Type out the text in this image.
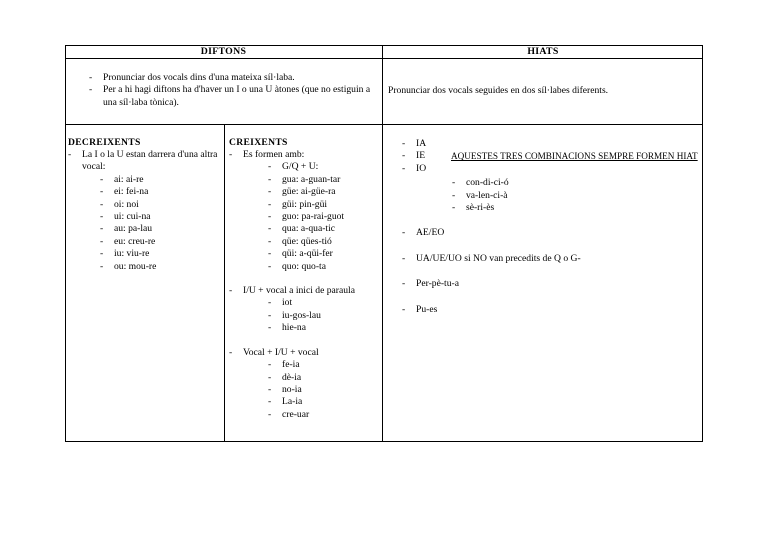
DIFTONS	HIATS
- Pronunciar dos vocals dins d'una mateixa síl·laba.
- Per a hi hagi diftons ha d'haver un I o una U àtones (que no estiguin a una síl·laba tònica).
Pronunciar dos vocals seguides en dos síl·labes diferents.
DECREIXENTS
- La I o la U estan darrera d'una altra vocal:
- ai: ai-re
- ei: fei-na
- oi: noi
- ui: cui-na
- au: pa-lau
- eu: creu-re
- iu: viu-re
- ou: mou-re
CREIXENTS
- Es formen amb:
- G/Q + U:
- gua: a-guan-tar
- güe: ai-güe-ra
- güi: pin-güi
- guo: pa-rai-guot
- qua: a-qua-tic
- qüe: qües-tió
- qüi: a-qüi-fer
- quo: quo-ta
- I/U + vocal a inici de paraula
- iot
- iu-gos-lau
- hie-na
- Vocal + I/U + vocal
- fe-ia
- dè-ia
- no-ia
- La-ia
- cre-uar
- IA
- IE	AQUESTES TRES COMBINACIONS SEMPRE FORMEN HIAT
- IO
- con-di-ci-ó
- va-len-ci-à
- sè-ri-ès
- AE/EO
- UA/UE/UO si NO van precedits de Q o G-
- Per-pè-tu-a
- Pu-es
